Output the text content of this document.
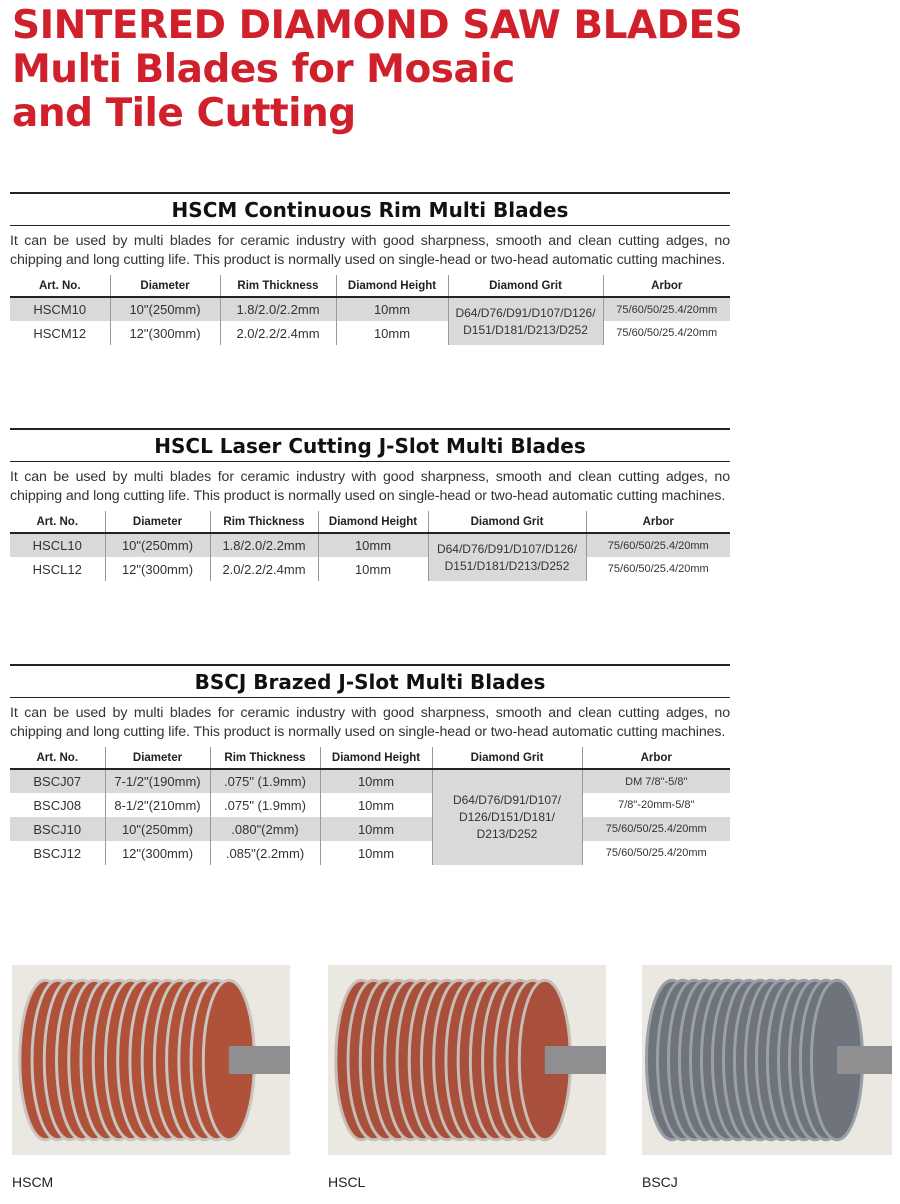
SINTERED DIAMOND SAW BLADES
Multi Blades for Mosaic
and Tile Cutting
HSCM Continuous Rim Multi Blades
It can be used by multi blades for ceramic industry with good sharpness, smooth and clean cutting adges, no chipping and long cutting life. This product is normally used on single-head or two-head automatic cutting machines.
Art. No.	Diameter	Rim Thickness	Diamond Height	Diamond Grit	Arbor
HSCM10	10"(250mm)	1.8/2.0/2.2mm	10mm	D64/D76/D91/D107/D126/ D151/D181/D213/D252	75/60/50/25.4/20mm
HSCM12	12"(300mm)	2.0/2.2/2.4mm	10mm		75/60/50/25.4/20mm
HSCL Laser Cutting J-Slot Multi Blades
It can be used by multi blades for ceramic industry with good sharpness, smooth and clean cutting adges, no chipping and long cutting life. This product is normally used on single-head or two-head automatic cutting machines.
Art. No.	Diameter	Rim Thickness	Diamond Height	Diamond Grit	Arbor
HSCL10	10"(250mm)	1.8/2.0/2.2mm	10mm	D64/D76/D91/D107/D126/ D151/D181/D213/D252	75/60/50/25.4/20mm
HSCL12	12"(300mm)	2.0/2.2/2.4mm	10mm		75/60/50/25.4/20mm
BSCJ Brazed J-Slot Multi Blades
It can be used by multi blades for ceramic industry with good sharpness, smooth and clean cutting adges, no chipping and long cutting life. This product is normally used on single-head or two-head automatic cutting machines.
Art. No.	Diameter	Rim Thickness	Diamond Height	Diamond Grit	Arbor
BSCJ07	7-1/2"(190mm)	.075" (1.9mm)	10mm	D64/D76/D91/D107/ D126/D151/D181/ D213/D252	DM 7/8"-5/8"
BSCJ08	8-1/2"(210mm)	.075" (1.9mm)	10mm		7/8"-20mm-5/8"
BSCJ10	10"(250mm)	.080"(2mm)	10mm		75/60/50/25.4/20mm
BSCJ12	12"(300mm)	.085"(2.2mm)	10mm		75/60/50/25.4/20mm
HSCM	HSCL	BSCJ
